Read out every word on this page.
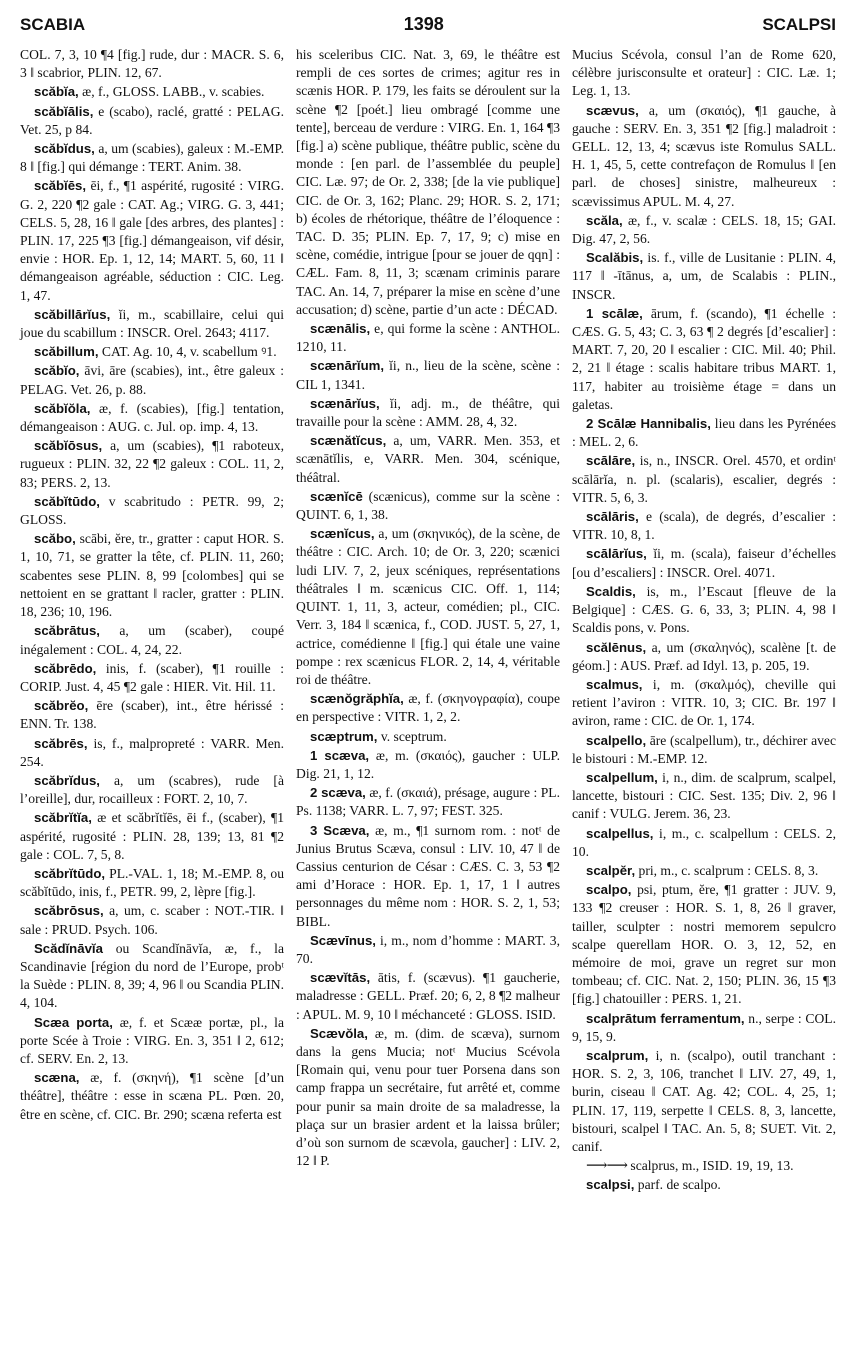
SCABIA	1398	SCALPSI

COL. 7, 3, 10 ¶4 [fig.] rude, dur : MACR. S. 6, 3 ‖ scabrior, PLIN. 12, 67.

scăbĭa, æ, f., GLOSS. LABB., v. scabies.

scăbĭālis, e (scabo), raclé, gratté : PELAG. Vet. 25, p 84.

scăbĭdus, a, um (scabies), galeux : M.-EMP. 8 ‖ [fig.] qui démange : TERT. Anim. 38.

scăbĭēs, ēi, f., ¶1 aspérité, rugosité : VIRG. G. 2, 220 ¶2 gale : CAT. Ag.; VIRG. G. 3, 441; CELS. 5, 28, 16 ‖ gale [des arbres, des plantes] : PLIN. 17, 225 ¶3 [fig.] démangeaison, vif désir, envie : HOR. Ep. 1, 12, 14; MART. 5, 60, 11 ‖ démangeaison agréable, séduction : CIC. Leg. 1, 47.

scăbillārĭus, ĭi, m., scabillaire, celui qui joue du scabillum : INSCR. Orel. 2643; 4117.

scăbillum, CAT. Ag. 10, 4, v. scabellum ꝰ1.

scăbĭo, āvi, āre (scabies), int., être galeux : PELAG. Vet. 26, p. 88.

scăbĭŏla, æ, f. (scabies), [fig.] tentation, démangeaison : AUG. c. Jul. op. imp. 4, 13.

scăbĭōsus, a, um (scabies), ¶1 raboteux, rugueux : PLIN. 32, 22 ¶2 galeux : COL. 11, 2, 83; PERS. 2, 13.

scăbĭtūdo, v scabritudo : PETR. 99, 2; GLOSS.

scăbo, scābi, ĕre, tr., gratter : caput HOR. S. 1, 10, 71, se gratter la tête, cf. PLIN. 11, 260; scabentes sese PLIN. 8, 99 [colombes] qui se nettoient en se grattant ‖ racler, gratter : PLIN. 18, 236; 10, 196.

scăbrātus, a, um (scaber), coupé inégalement : COL. 4, 24, 22.

scăbrēdo, inis, f. (scaber), ¶1 rouille : CORIP. Just. 4, 45 ¶2 gale : HIER. Vit. Hil. 11.

scăbrĕo, ēre (scaber), int., être hérissé : ENN. Tr. 138.

scăbrēs, is, f., malpropreté : VARR. Men. 254.

scăbrĭdus, a, um (scabres), rude [à l’oreille], dur, rocailleux : FORT. 2, 10, 7.

scăbrĭtĭa, æ et scăbrĭtĭēs, ēi f., (scaber), ¶1 aspérité, rugosité : PLIN. 28, 139; 13, 81 ¶2 gale : COL. 7, 5, 8.

scăbrĭtūdo, PL.-VAL. 1, 18; M.-EMP. 8, ou scăbĭtūdo, inis, f., PETR. 99, 2, lèpre [fig.].

scăbrōsus, a, um, c. scaber : NOT.-TIR. ‖ sale : PRUD. Psych. 106.

Scădĭnāvĭa ou Scandĭnāvĭa, æ, f., la Scandinavie [région du nord de l’Europe, probᵗ la Suède : PLIN. 8, 39; 4, 96 ‖ ou Scandia PLIN. 4, 104.

Scæa porta, æ, f. et Scææ portæ, pl., la porte Scée à Troie : VIRG. En. 3, 351 ‖ 2, 612; cf. SERV. En. 2, 13.

scæna, æ, f. (σκηνή), ¶1 scène [d’un théâtre], théâtre : esse in scæna PL. Pœn. 20, être en scène, cf. CIC. Br. 290; scæna referta est

his sceleribus CIC. Nat. 3, 69, le théâtre est rempli de ces sortes de crimes; agitur res in scænis HOR. P. 179, les faits se déroulent sur la scène ¶2 [poét.] lieu ombragé [comme une tente], berceau de verdure : VIRG. En. 1, 164 ¶3 [fig.] a) scène publique, théâtre public, scène du monde : [en parl. de l’assemblée du peuple] CIC. Læ. 97; de Or. 2, 338; [de la vie publique] CIC. de Or. 3, 162; Planc. 29; HOR. S. 2, 171; b) écoles de rhétorique, théâtre de l’éloquence : TAC. D. 35; PLIN. Ep. 7, 17, 9; c) mise en scène, comédie, intrigue [pour se jouer de qqn] : CÆL. Fam. 8, 11, 3; scænam criminis parare TAC. An. 14, 7, préparer la mise en scène d’une accusation; d) scène, partie d’un acte : DÉCAD.

scænālis, e, qui forme la scène : ANTHOL. 1210, 11.

scænārĭum, ĭi, n., lieu de la scène, scène : CIL 1, 1341.

scænārĭus, ĭi, adj. m., de théâtre, qui travaille pour la scène : AMM. 28, 4, 32.

scænătĭcus, a, um, VARR. Men. 353, et scænātĭlis, e, VARR. Men. 304, scénique, théâtral.

scænĭcē (scænicus), comme sur la scène : QUINT. 6, 1, 38.

scænĭcus, a, um (σκηνικός), de la scène, de théâtre : CIC. Arch. 10; de Or. 3, 220; scænici ludi LIV. 7, 2, jeux scéniques, représentations théâtrales ‖ m. scænicus CIC. Off. 1, 114; QUINT. 1, 11, 3, acteur, comédien; pl., CIC. Verr. 3, 184 ‖ scænica, f., COD. JUST. 5, 27, 1, actrice, comédienne ‖ [fig.] qui étale une vaine pompe : rex scænicus FLOR. 2, 14, 4, véritable roi de théâtre.

scænŏgrăphĭa, æ, f. (σκηνογραφία), coupe en perspective : VITR. 1, 2, 2.

scæptrum, v. sceptrum.

1 scæva, æ, m. (σκαιός), gaucher : ULP. Dig. 21, 1, 12.

2 scæva, æ, f. (σκαιά), présage, augure : PL. Ps. 1138; VARR. L. 7, 97; FEST. 325.

3 Scæva, æ, m., ¶1 surnom rom. : notᵗ de Junius Brutus Scæva, consul : LIV. 10, 47 ‖ de Cassius centurion de César : CÆS. C. 3, 53 ¶2 ami d’Horace : HOR. Ep. 1, 17, 1 ‖ autres personnages du même nom : HOR. S. 2, 1, 53; BIBL.

Scævīnus, i, m., nom d’homme : MART. 3, 70.

scævĭtās, ātis, f. (scævus). ¶1 gaucherie, maladresse : GELL. Præf. 20; 6, 2, 8 ¶2 malheur : APUL. M. 9, 10 ‖ méchanceté : GLOSS. ISID.

Scævŏla, æ, m. (dim. de scæva), surnom dans la gens Mucia; notᵗ Mucius Scévola [Romain qui, venu pour tuer Porsena dans son camp frappa un secrétaire, fut arrêté et, comme pour punir sa main droite de sa maladresse, la plaça sur un brasier ardent et la laissa brûler; d’où son surnom de scævola, gaucher] : LIV. 2, 12 ‖ P.

Mucius Scévola, consul l’an de Rome 620, célèbre jurisconsulte et orateur] : CIC. Læ. 1; Leg. 1, 13.

scævus, a, um (σκαιός), ¶1 gauche, à gauche : SERV. En. 3, 351 ¶2 [fig.] maladroit : GELL. 12, 13, 4; scævus iste Romulus SALL. H. 1, 45, 5, cette contrefaçon de Romulus ‖ [en parl. de choses] sinistre, malheureux : scævissimus APUL. M. 4, 27.

scăla, æ, f., v. scalæ : CELS. 18, 15; GAI. Dig. 47, 2, 56.

Scalăbis, is. f., ville de Lusitanie : PLIN. 4, 117 ‖ -ītānus, a, um, de Scalabis : PLIN., INSCR.

1 scālæ, ārum, f. (scando), ¶1 échelle : CÆS. G. 5, 43; C. 3, 63 ¶ 2 degrés [d’escalier] : MART. 7, 20, 20 ‖ escalier : CIC. Mil. 40; Phil. 2, 21 ‖ étage : scalis habitare tribus MART. 1, 117, habiter au troisième étage = dans un galetas.

2 Scālæ Hannibalis, lieu dans les Pyrénées : MEL. 2, 6.

scālāre, is, n., INSCR. Orel. 4570, et ordinᵗ scālārĭa, n. pl. (scalaris), escalier, degrés : VITR. 5, 6, 3.

scālāris, e (scala), de degrés, d’escalier : VITR. 10, 8, 1.

scālārĭus, ĭi, m. (scala), faiseur d’échelles [ou d’escaliers] : INSCR. Orel. 4071.

Scaldis, is, m., l’Escaut [fleuve de la Belgique] : CÆS. G. 6, 33, 3; PLIN. 4, 98 ‖ Scaldis pons, v. Pons.

scălēnus, a, um (σκαληνός), scalène [t. de géom.] : AUS. Præf. ad Idyl. 13, p. 205, 19.

scalmus, i, m. (σκαλμός), cheville qui retient l’aviron : VITR. 10, 3; CIC. Br. 197 ‖ aviron, rame : CIC. de Or. 1, 174.

scalpello, āre (scalpellum), tr., déchirer avec le bistouri : M.-EMP. 12.

scalpellum, i, n., dim. de scalprum, scalpel, lancette, bistouri : CIC. Sest. 135; Div. 2, 96 ‖ canif : VULG. Jerem. 36, 23.

scalpellus, i, m., c. scalpellum : CELS. 2, 10.

scalpĕr, pri, m., c. scalprum : CELS. 8, 3.

scalpo, psi, ptum, ĕre, ¶1 gratter : JUV. 9, 133 ¶2 creuser : HOR. S. 1, 8, 26 ‖ graver, tailler, sculpter : nostri memorem sepulcro scalpe querellam HOR. O. 3, 12, 52, en mémoire de moi, grave un regret sur mon tombeau; cf. CIC. Nat. 2, 150; PLIN. 36, 15 ¶3 [fig.] chatouiller : PERS. 1, 21.

scalprātum ferramentum, n., serpe : COL. 9, 15, 9.

scalprum, i, n. (scalpo), outil tranchant : HOR. S. 2, 3, 106, tranchet ‖ LIV. 27, 49, 1, burin, ciseau ‖ CAT. Ag. 42; COL. 4, 25, 1; PLIN. 17, 119, serpette ‖ CELS. 8, 3, lancette, bistouri, scalpel ‖ TAC. An. 5, 8; SUET. Vit. 2, canif.

⟶⟶ scalprus, m., ISID. 19, 19, 13.

scalpsi, parf. de scalpo.
